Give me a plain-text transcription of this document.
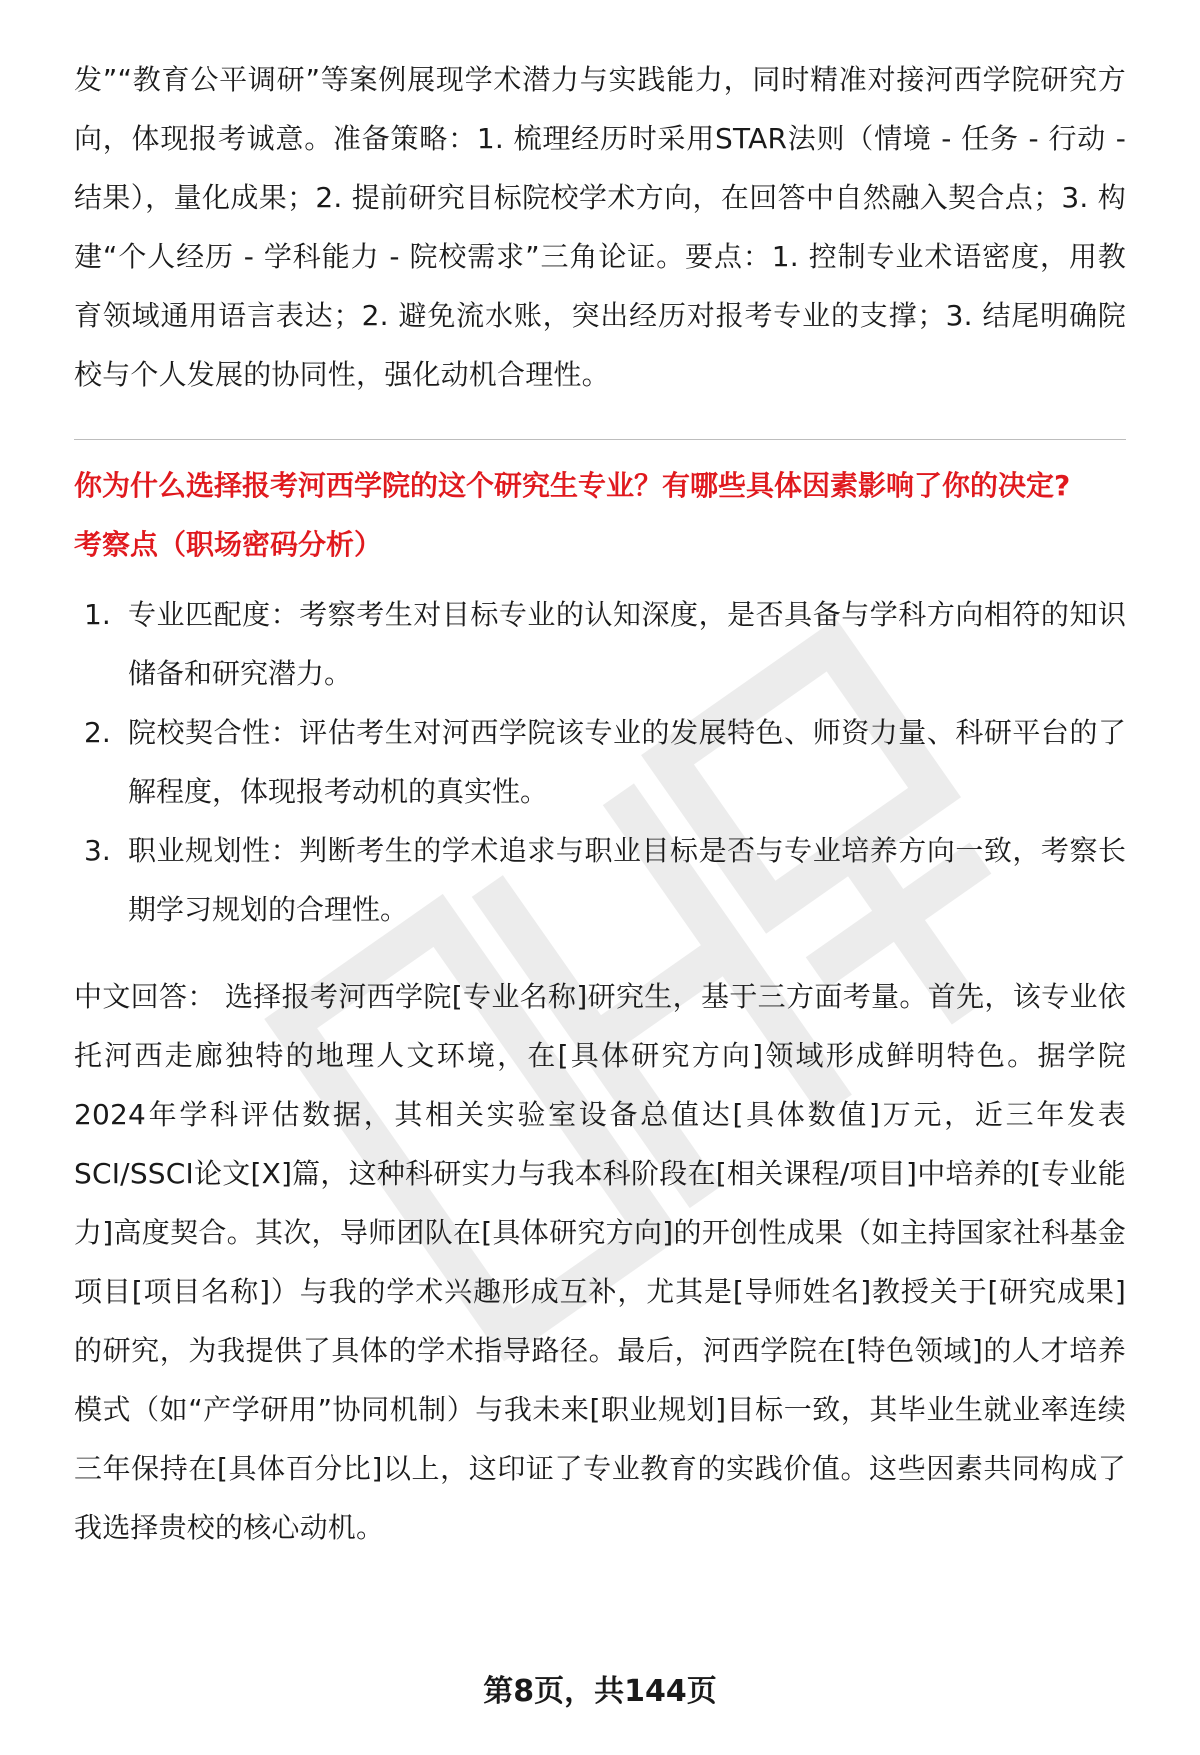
发”“教育公平调研”等案例展现学术潜力与实践能力，同时精准对接河西学院研究方向，体现报考诚意。准备策略：1. 梳理经历时采用STAR法则（情境 - 任务 - 行动 - 结果），量化成果；2. 提前研究目标院校学术方向，在回答中自然融入契合点；3. 构建“个人经历 - 学科能力 - 院校需求”三角论证。要点：1. 控制专业术语密度，用教育领域通用语言表达；2. 避免流水账，突出经历对报考专业的支撑；3. 结尾明确院校与个人发展的协同性，强化动机合理性。

你为什么选择报考河西学院的这个研究生专业？有哪些具体因素影响了你的决定?

考察点（职场密码分析）

1. 专业匹配度：考察考生对目标专业的认知深度，是否具备与学科方向相符的知识储备和研究潜力。
2. 院校契合性：评估考生对河西学院该专业的发展特色、师资力量、科研平台的了解程度，体现报考动机的真实性。
3. 职业规划性：判断考生的学术追求与职业目标是否与专业培养方向一致，考察长期学习规划的合理性。

中文回答： 选择报考河西学院[专业名称]研究生，基于三方面考量。首先，该专业依托河西走廊独特的地理人文环境，在[具体研究方向]领域形成鲜明特色。据学院2024年学科评估数据，其相关实验室设备总值达[具体数值]万元，近三年发表SCI/SSCI论文[X]篇，这种科研实力与我本科阶段在[相关课程/项目]中培养的[专业能力]高度契合。其次，导师团队在[具体研究方向]的开创性成果（如主持国家社科基金项目[项目名称]）与我的学术兴趣形成互补，尤其是[导师姓名]教授关于[研究成果]的研究，为我提供了具体的学术指导路径。最后，河西学院在[特色领域]的人才培养模式（如“产学研用”协同机制）与我未来[职业规划]目标一致，其毕业生就业率连续三年保持在[具体百分比]以上，这印证了专业教育的实践价值。这些因素共同构成了我选择贵校的核心动机。

第8页，共144页
